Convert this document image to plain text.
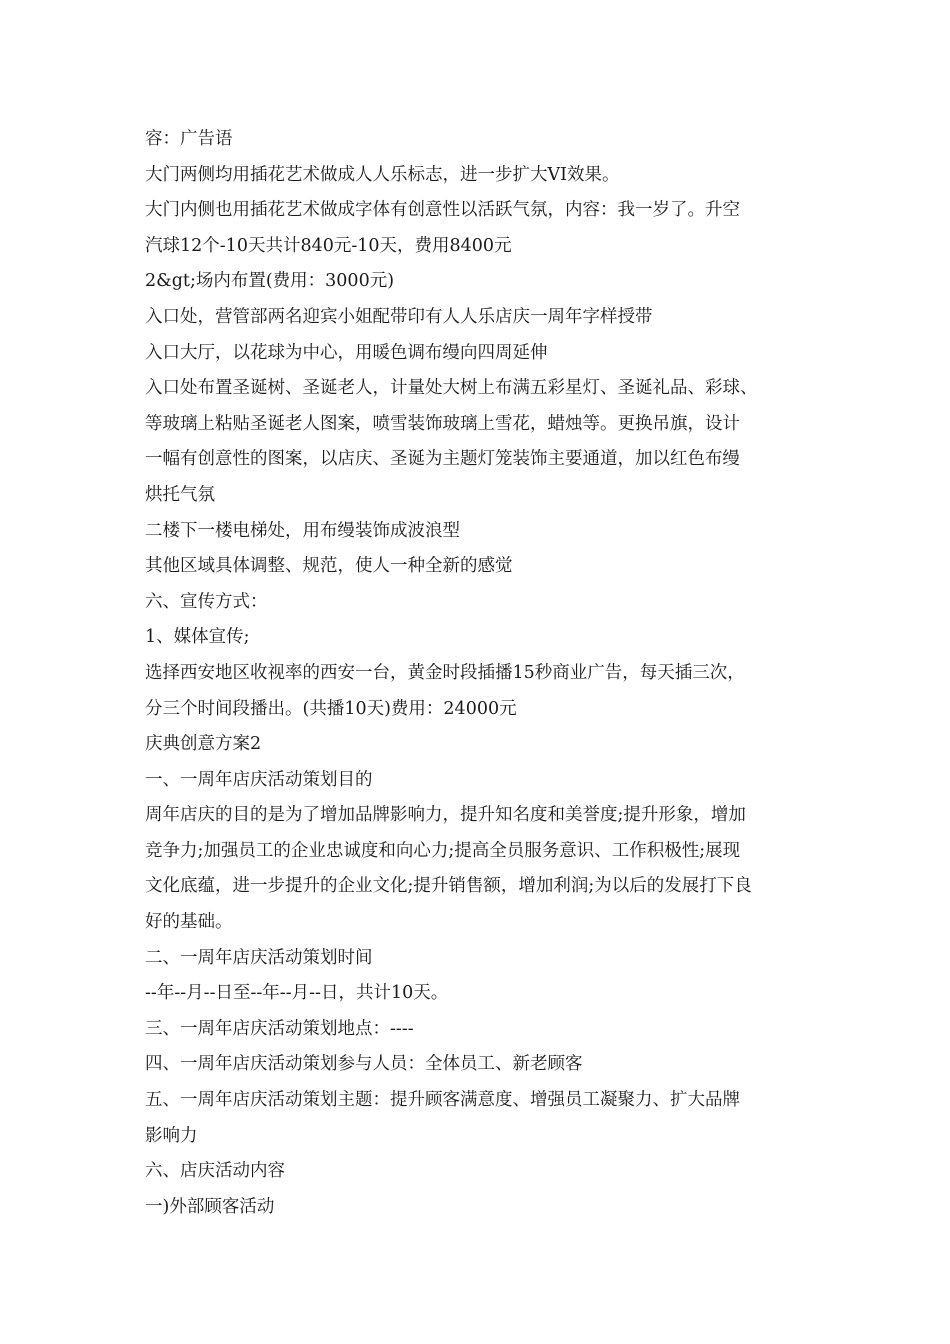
容：广告语

大门两侧均用插花艺术做成人人乐标志，进一步扩大VI效果。

大门内侧也用插花艺术做成字体有创意性以活跃气氛，内容：我一岁了。升空

汽球12个-10天共计840元-10天，费用8400元

2&gt;场内布置(费用：3000元)

入口处，营管部两名迎宾小姐配带印有人人乐店庆一周年字样授带

入口大厅，以花球为中心，用暖色调布缦向四周延伸

入口处布置圣诞树、圣诞老人，计量处大树上布满五彩星灯、圣诞礼品、彩球、

等玻璃上粘贴圣诞老人图案，喷雪装饰玻璃上雪花，蜡烛等。更换吊旗，设计

一幅有创意性的图案，以店庆、圣诞为主题灯笼装饰主要通道，加以红色布缦

烘托气氛

二楼下一楼电梯处，用布缦装饰成波浪型

其他区域具体调整、规范，使人一种全新的感觉

六、宣传方式：

1、媒体宣传;

选择西安地区收视率的西安一台，黄金时段插播15秒商业广告，每天插三次，

分三个时间段播出。(共播10天)费用：24000元

庆典创意方案2

一、一周年店庆活动策划目的

周年店庆的目的是为了增加品牌影响力，提升知名度和美誉度;提升形象，增加

竞争力;加强员工的企业忠诚度和向心力;提高全员服务意识、工作积极性;展现

文化底蕴，进一步提升的企业文化;提升销售额，增加利润;为以后的发展打下良

好的基础。

二、一周年店庆活动策划时间

--年--月--日至--年--月--日，共计10天。

三、一周年店庆活动策划地点：----

四、一周年店庆活动策划参与人员：全体员工、新老顾客

五、一周年店庆活动策划主题：提升顾客满意度、增强员工凝聚力、扩大品牌

影响力

六、店庆活动内容

一)外部顾客活动
